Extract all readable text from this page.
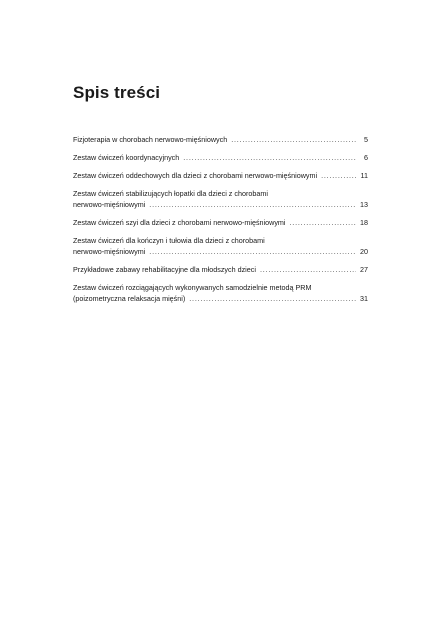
Spis treści
Fizjoterapia w chorobach nerwowo-mięśniowych . . .	5
Zestaw ćwiczeń koordynacyjnych . . .	6
Zestaw ćwiczeń oddechowych dla dzieci z chorobami nerwowo-mięśniowymi . . .	11
Zestaw ćwiczeń stabilizujących łopatki dla dzieci z chorobami
nerwowo-mięśniowymi . . .	13
Zestaw ćwiczeń szyi dla dzieci z chorobami nerwowo-mięśniowymi . . .	18
Zestaw ćwiczeń dla kończyn i tułowia dla dzieci z chorobami
nerwowo-mięśniowymi . . .	20
Przykładowe zabawy rehabilitacyjne dla młodszych dzieci . . .	27
Zestaw ćwiczeń rozciągających wykonywanych samodzielnie metodą PRM
(poizometryczna relaksacja mięśni) . . .	31
